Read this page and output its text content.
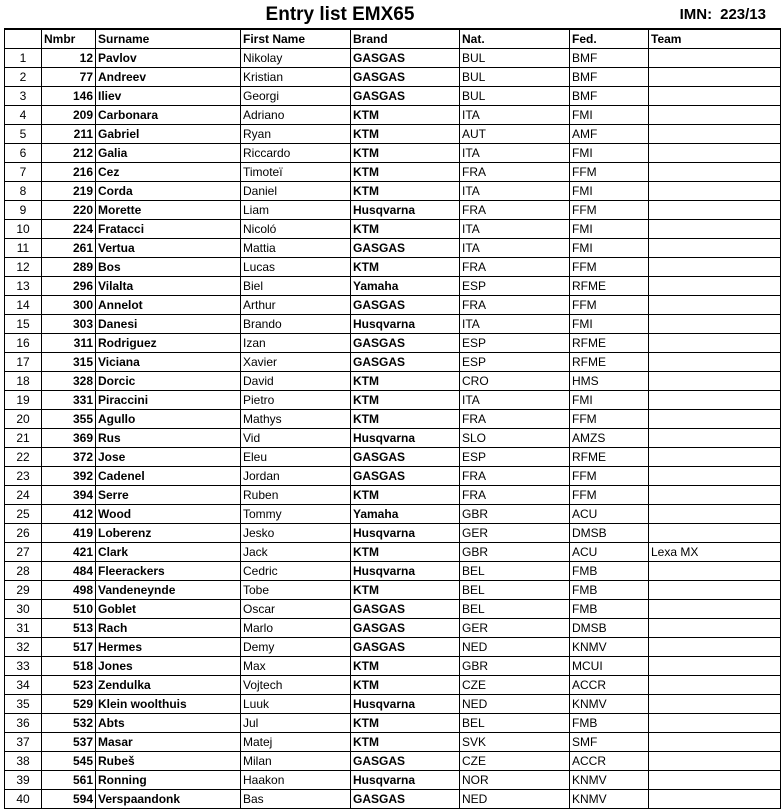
Entry list EMX65	IMN: 223/13
	Nmbr	Surname	First Name	Brand	Nat.	Fed.	Team
1	12	Pavlov	Nikolay	GASGAS	BUL	BMF	
2	77	Andreev	Kristian	GASGAS	BUL	BMF	
3	146	Iliev	Georgi	GASGAS	BUL	BMF	
4	209	Carbonara	Adriano	KTM	ITA	FMI	
5	211	Gabriel	Ryan	KTM	AUT	AMF	
6	212	Galia	Riccardo	KTM	ITA	FMI	
7	216	Cez	Timoteï	KTM	FRA	FFM	
8	219	Corda	Daniel	KTM	ITA	FMI	
9	220	Morette	Liam	Husqvarna	FRA	FFM	
10	224	Fratacci	Nicoló	KTM	ITA	FMI	
11	261	Vertua	Mattia	GASGAS	ITA	FMI	
12	289	Bos	Lucas	KTM	FRA	FFM	
13	296	Vilalta	Biel	Yamaha	ESP	RFME	
14	300	Annelot	Arthur	GASGAS	FRA	FFM	
15	303	Danesi	Brando	Husqvarna	ITA	FMI	
16	311	Rodriguez	Izan	GASGAS	ESP	RFME	
17	315	Viciana	Xavier	GASGAS	ESP	RFME	
18	328	Dorcic	David	KTM	CRO	HMS	
19	331	Piraccini	Pietro	KTM	ITA	FMI	
20	355	Agullo	Mathys	KTM	FRA	FFM	
21	369	Rus	Vid	Husqvarna	SLO	AMZS	
22	372	Jose	Eleu	GASGAS	ESP	RFME	
23	392	Cadenel	Jordan	GASGAS	FRA	FFM	
24	394	Serre	Ruben	KTM	FRA	FFM	
25	412	Wood	Tommy	Yamaha	GBR	ACU	
26	419	Loberenz	Jesko	Husqvarna	GER	DMSB	
27	421	Clark	Jack	KTM	GBR	ACU	Lexa MX
28	484	Fleerackers	Cedric	Husqvarna	BEL	FMB	
29	498	Vandeneynde	Tobe	KTM	BEL	FMB	
30	510	Goblet	Oscar	GASGAS	BEL	FMB	
31	513	Rach	Marlo	GASGAS	GER	DMSB	
32	517	Hermes	Demy	GASGAS	NED	KNMV	
33	518	Jones	Max	KTM	GBR	MCUI	
34	523	Zendulka	Vojtech	KTM	CZE	ACCR	
35	529	Klein woolthuis	Luuk	Husqvarna	NED	KNMV	
36	532	Abts	Jul	KTM	BEL	FMB	
37	537	Masar	Matej	KTM	SVK	SMF	
38	545	Rubeš	Milan	GASGAS	CZE	ACCR	
39	561	Ronning	Haakon	Husqvarna	NOR	KNMV	
40	594	Verspaandonk	Bas	GASGAS	NED	KNMV	
